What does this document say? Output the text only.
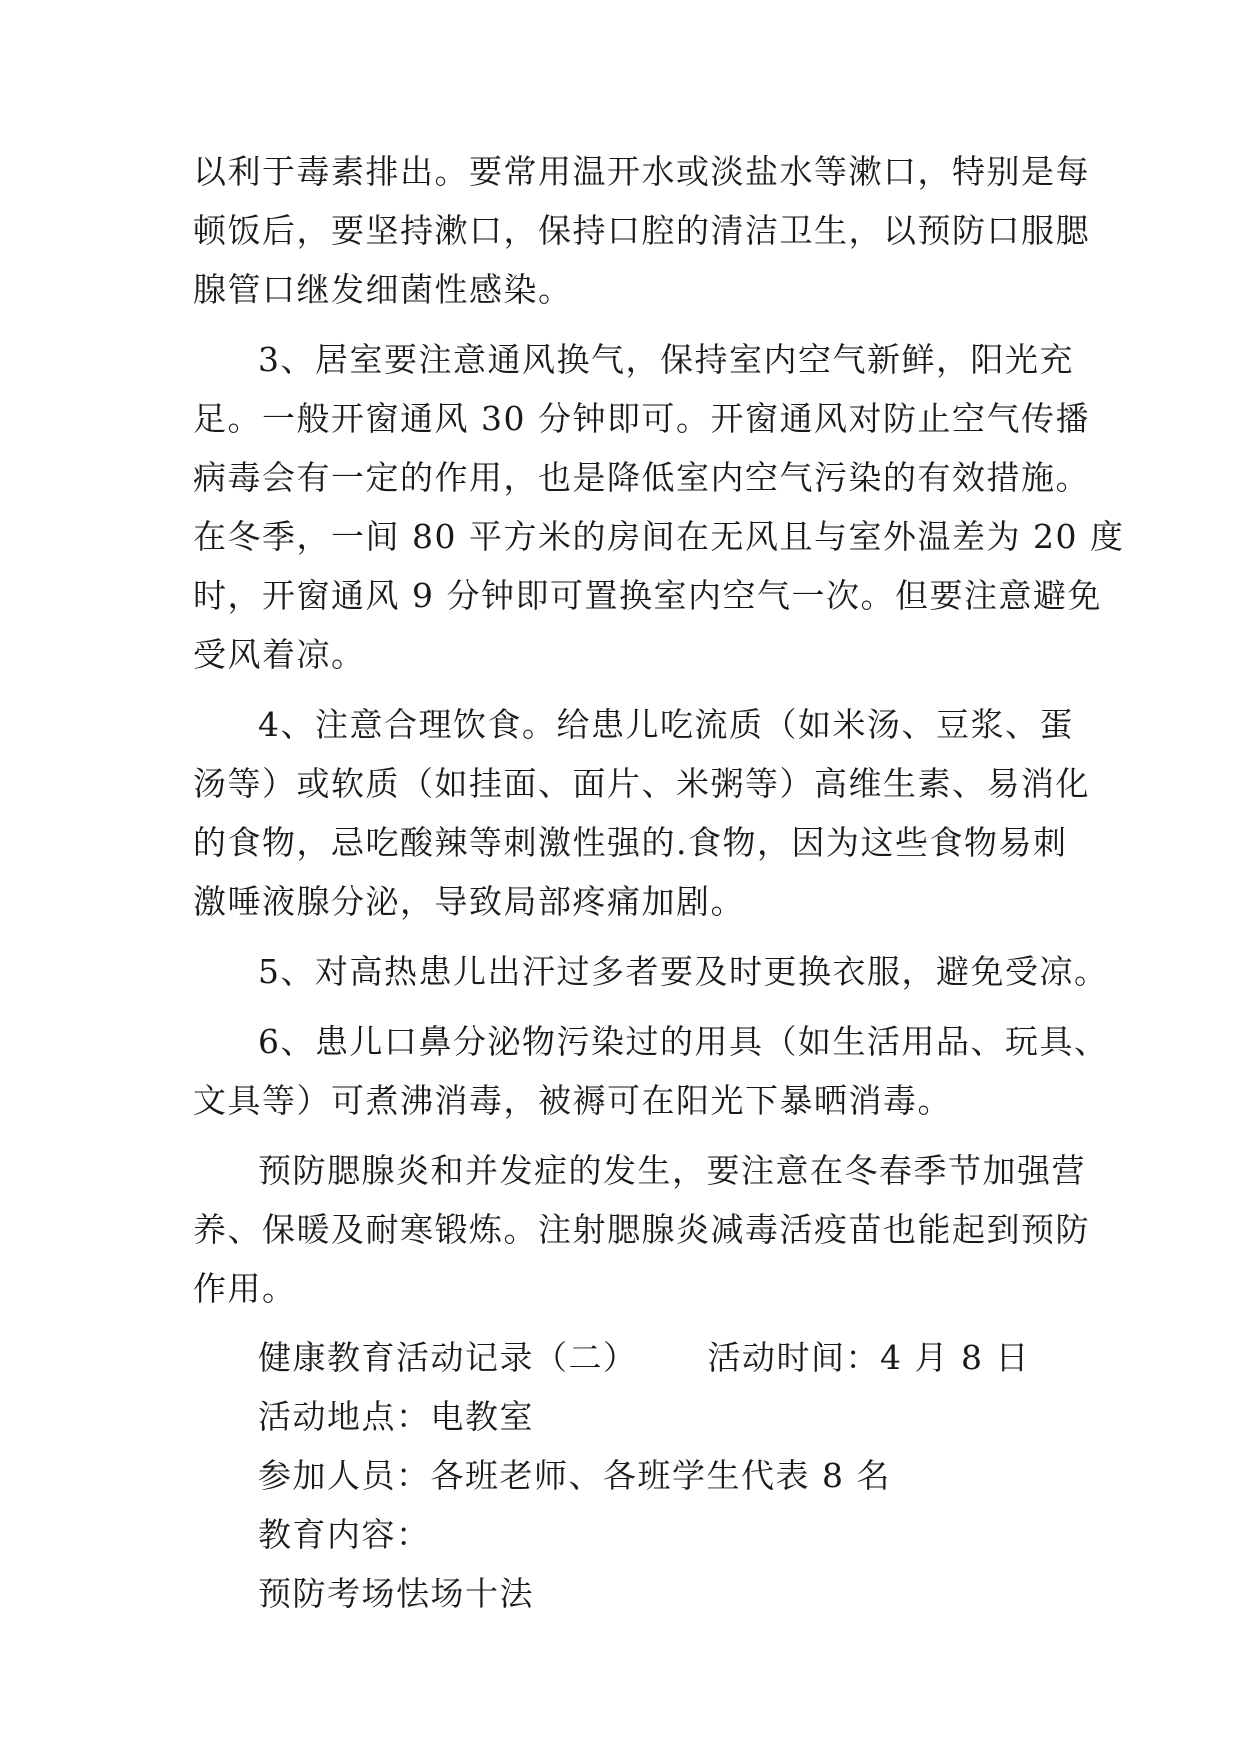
以利于毒素排出。要常用温开水或淡盐水等漱口，特别是每
顿饭后，要坚持漱口，保持口腔的清洁卫生，以预防口服腮
腺管口继发细菌性感染。
3、居室要注意通风换气，保持室内空气新鲜，阳光充
足。一般开窗通风 30 分钟即可。开窗通风对防止空气传播
病毒会有一定的作用，也是降低室内空气污染的有效措施。
在冬季，一间 80 平方米的房间在无风且与室外温差为 20 度
时，开窗通风 9 分钟即可置换室内空气一次。但要注意避免
受风着凉。
4、注意合理饮食。给患儿吃流质（如米汤、豆浆、蛋
汤等）或软质（如挂面、面片、米粥等）高维生素、易消化
的食物，忌吃酸辣等刺激性强的.食物，因为这些食物易刺
激唾液腺分泌，导致局部疼痛加剧。
5、对高热患儿出汗过多者要及时更换衣服，避免受凉。
6、患儿口鼻分泌物污染过的用具（如生活用品、玩具、
文具等）可煮沸消毒，被褥可在阳光下暴晒消毒。
预防腮腺炎和并发症的发生，要注意在冬春季节加强营
养、保暖及耐寒锻炼。注射腮腺炎减毒活疫苗也能起到预防
作用。
健康教育活动记录（二） 活动时间：4 月 8 日
活动地点：电教室
参加人员：各班老师、各班学生代表 8 名
教育内容：
预防考场怯场十法
